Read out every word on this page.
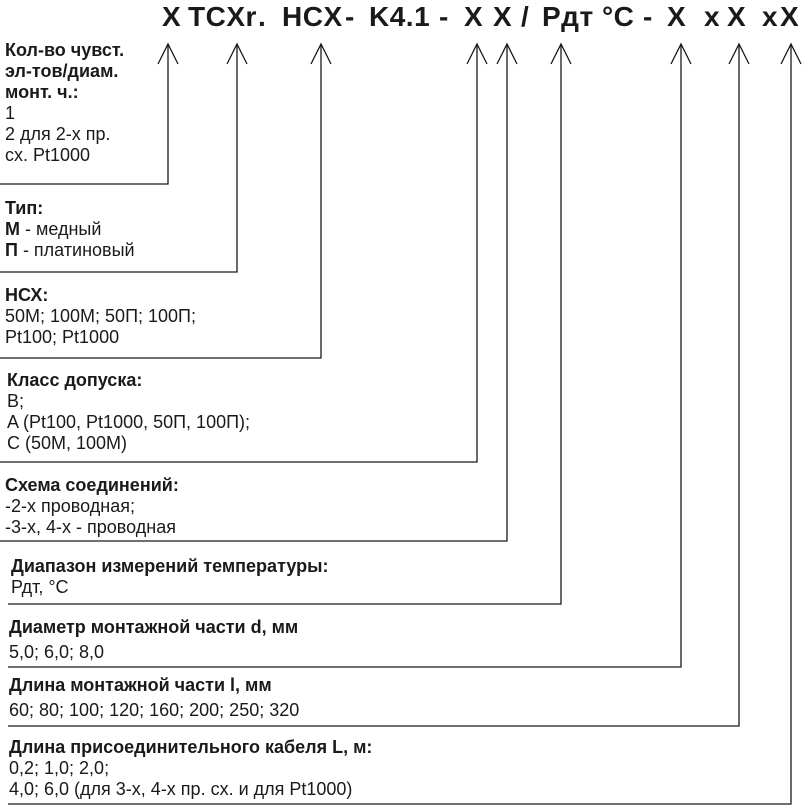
X TCXr . HCX - K4.1 - X X / Pдт °C - X x X x X
Кол-во чувст.
эл-тов/диам.
монт. ч.:
1
2 для 2-х пр.
сх. Pt1000
Тип:
М - медный
П - платиновый
НСХ:
50М; 100М; 50П; 100П;
Pt100; Pt1000
Класс допуска:
B;
A (Pt100, Pt1000, 50П, 100П);
C (50M, 100M)
Схема соединений:
-2-х проводная;
-3-х, 4-х - проводная
Диапазон измерений температуры:
Рдт, °С
Диаметр монтажной части d, мм
5,0; 6,0; 8,0
Длина монтажной части l, мм
60; 80; 100; 120; 160; 200; 250; 320
Длина присоединительного кабеля L, м:
0,2; 1,0; 2,0;
4,0; 6,0 (для 3-х, 4-х пр. сх. и для Pt1000)
